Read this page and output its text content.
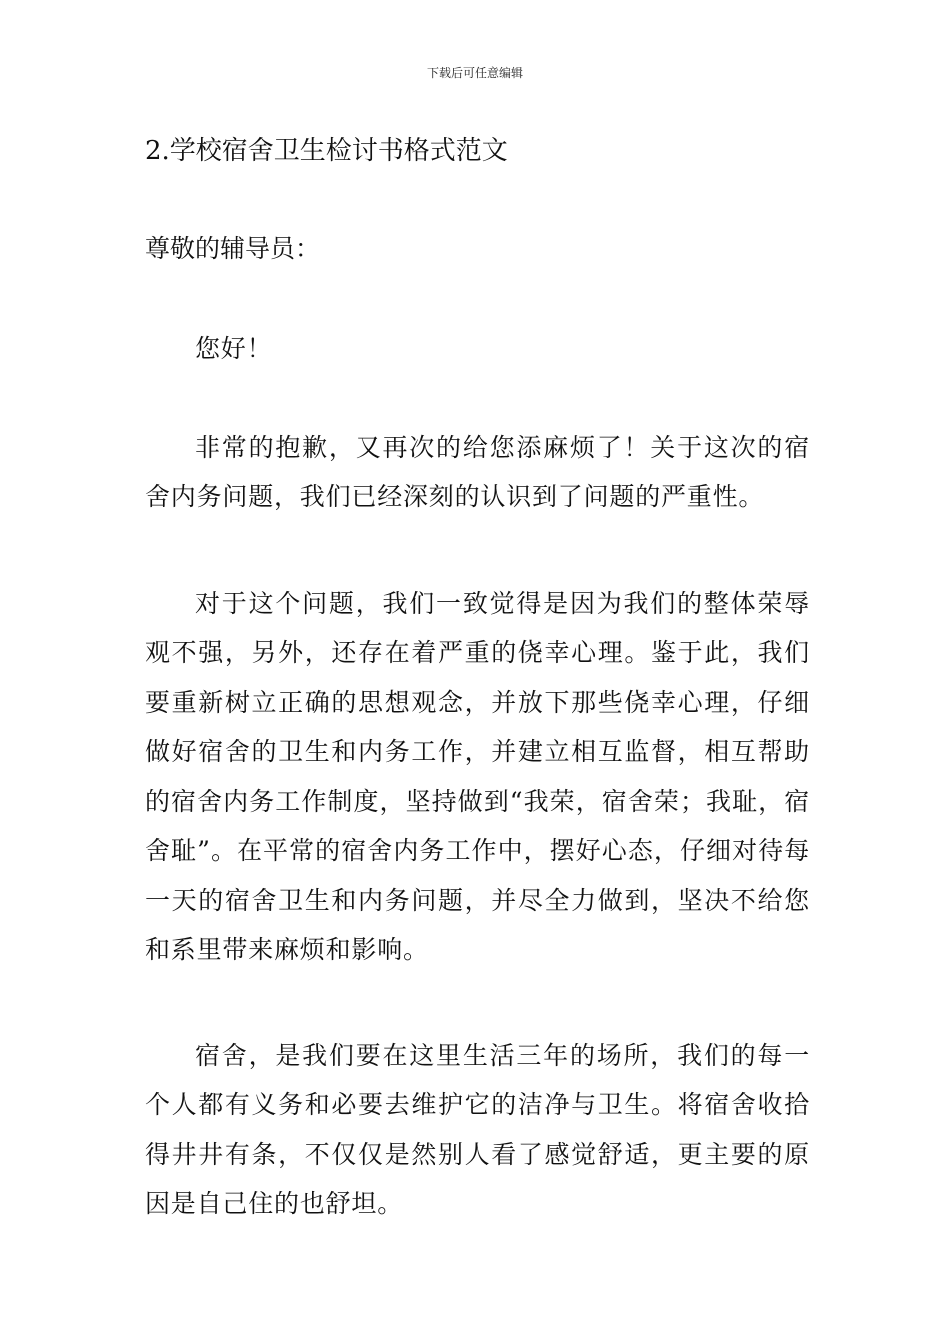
下载后可任意编辑
2.学校宿舍卫生检讨书格式范文

尊敬的辅导员：

您好！

非常的抱歉，又再次的给您添麻烦了！关于这次的宿舍内务问题，我们已经深刻的认识到了问题的严重性。

对于这个问题，我们一致觉得是因为我们的整体荣辱观不强，另外，还存在着严重的侥幸心理。鉴于此，我们要重新树立正确的思想观念，并放下那些侥幸心理，仔细做好宿舍的卫生和内务工作，并建立相互监督，相互帮助的宿舍内务工作制度，坚持做到“我荣，宿舍荣；我耻，宿舍耻”。在平常的宿舍内务工作中，摆好心态，仔细对待每一天的宿舍卫生和内务问题，并尽全力做到，坚决不给您和系里带来麻烦和影响。

宿舍，是我们要在这里生活三年的场所，我们的每一个人都有义务和必要去维护它的洁净与卫生。将宿舍收拾得井井有条，不仅仅是然别人看了感觉舒适，更主要的原因是自己住的也舒坦。
